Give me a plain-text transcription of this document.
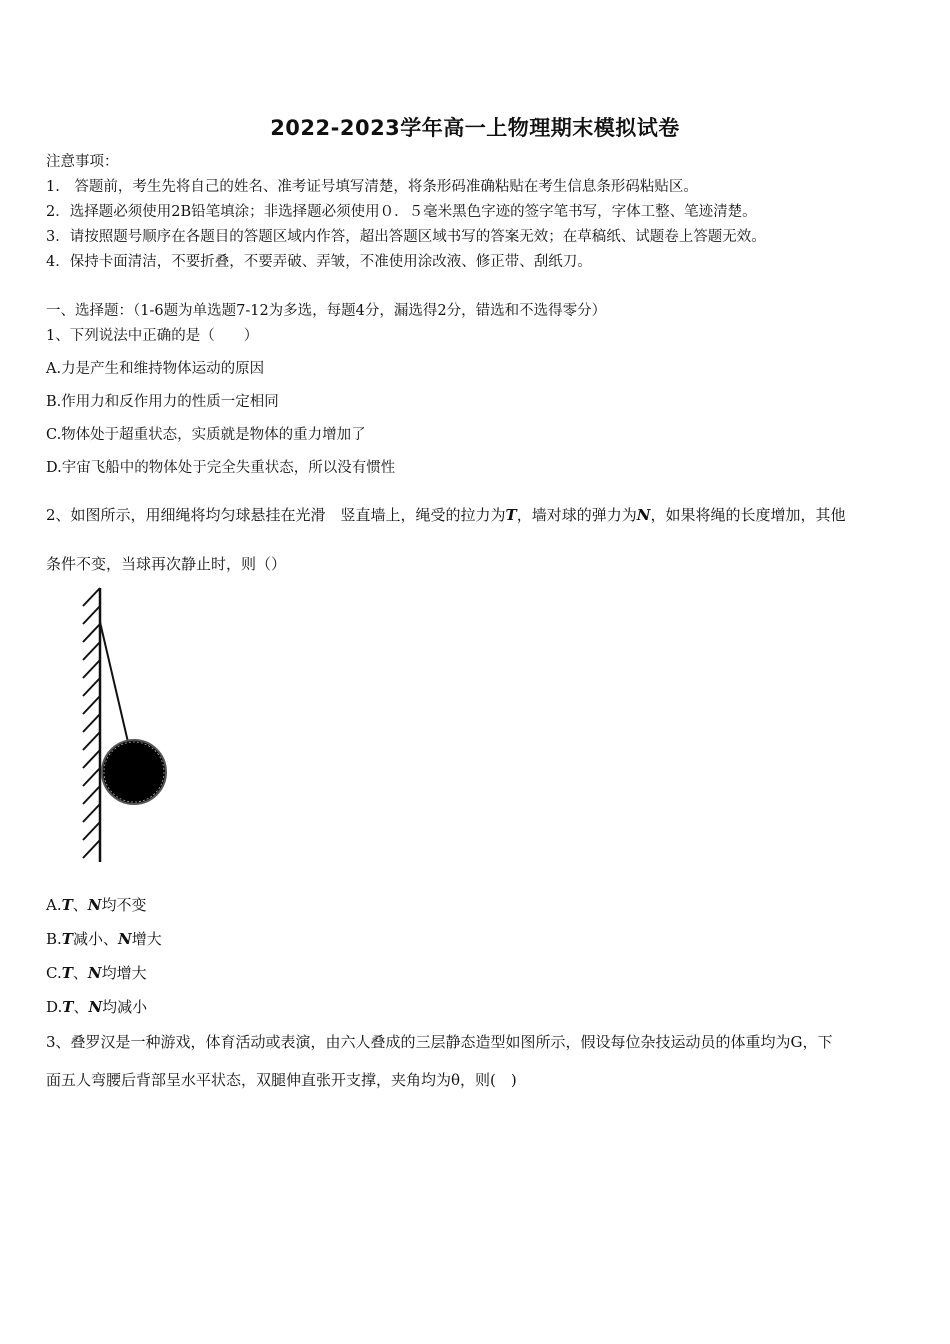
2022-2023学年高一上物理期末模拟试卷
注意事项：
1.　答题前，考生先将自己的姓名、准考证号填写清楚，将条形码准确粘贴在考生信息条形码粘贴区。
2．选择题必须使用2B铅笔填涂；非选择题必须使用０．５毫米黑色字迹的签字笔书写，字体工整、笔迹清楚。
3．请按照题号顺序在各题目的答题区域内作答，超出答题区域书写的答案无效；在草稿纸、试题卷上答题无效。
4．保持卡面清洁，不要折叠，不要弄破、弄皱，不准使用涂改液、修正带、刮纸刀。
一、选择题：（1-6题为单选题7-12为多选，每题4分，漏选得2分，错选和不选得零分）
1、下列说法中正确的是（　　）
A.力是产生和维持物体运动的原因
B.作用力和反作用力的性质一定相同
C.物体处于超重状态，实质就是物体的重力增加了
D.宇宙飞船中的物体处于完全失重状态，所以没有惯性
2、如图所示，用细绳将均匀球悬挂在光滑　竖直墙上，绳受的拉力为T，墙对球的弹力为N，如果将绳的长度增加，其他
条件不变，当球再次静止时，则（）
A.T、N均不变
B.T减小、N增大
C.T、N均增大
D.T、N均减小
3、叠罗汉是一种游戏，体育活动或表演，由六人叠成的三层静态造型如图所示，假设每位杂技运动员的体重均为G，下
面五人弯腰后背部呈水平状态，双腿伸直张开支撑，夹角均为θ，则(　)
